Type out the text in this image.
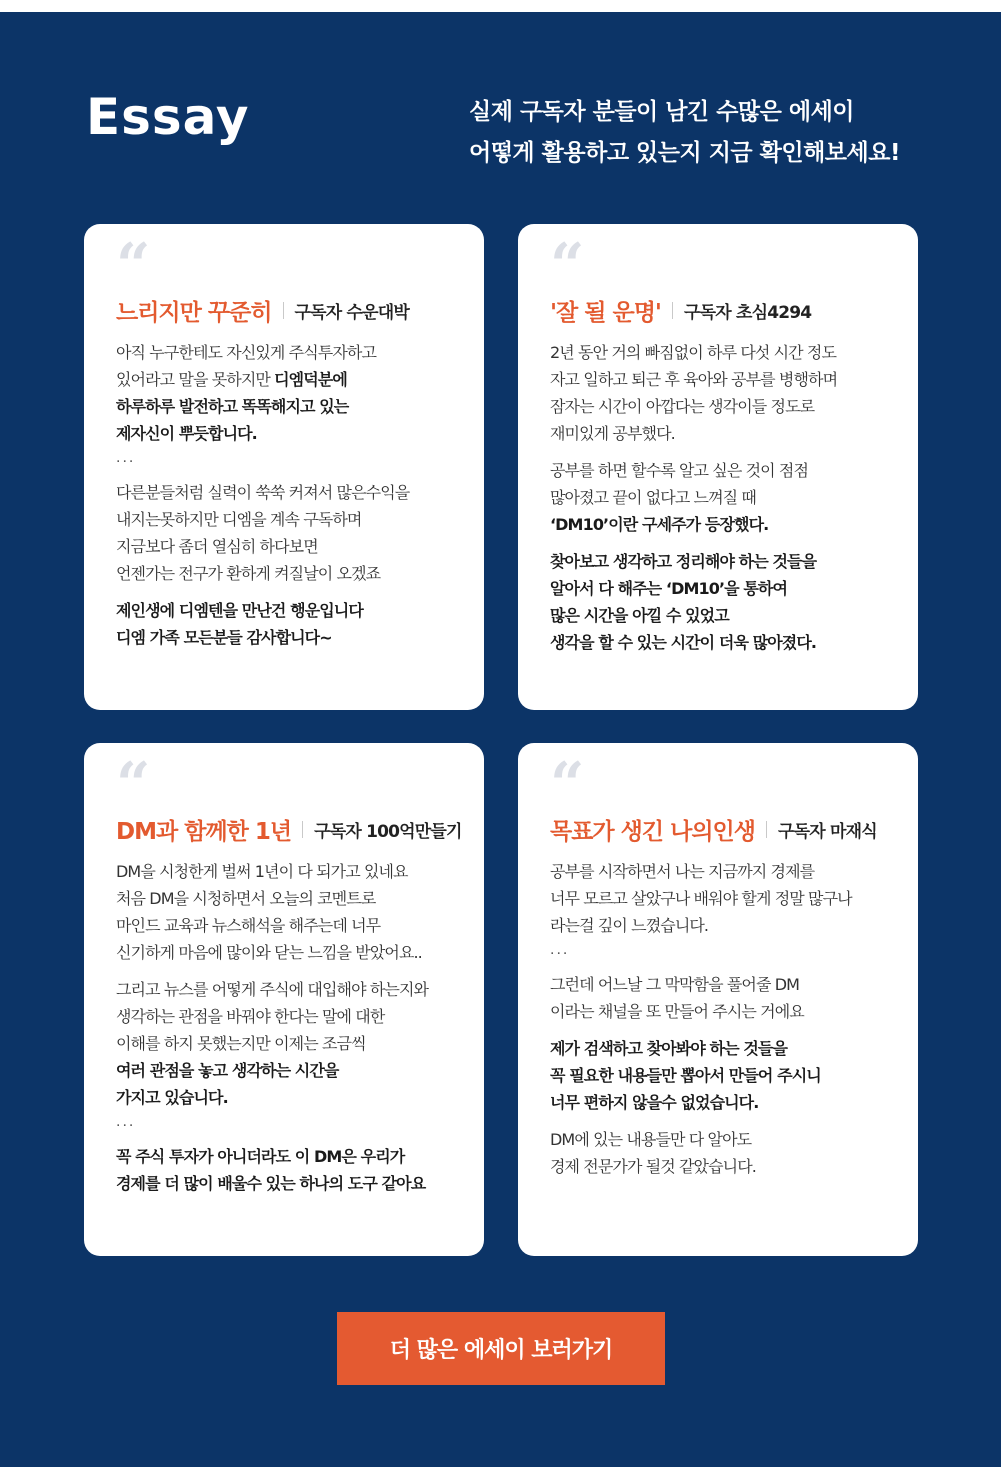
Essay	실제 구독자 분들이 남긴 수많은 에세이
어떻게 활용하고 있는지 지금 확인해보세요!
“
느리지만 꾸준히 구독자 수운대박
아직 누구한테도 자신있게 주식투자하고
있어라고 말을 못하지만 디엠덕분에
하루하루 발전하고 똑똑해지고 있는
제자신이 뿌듯합니다.
...
다른분들처럼 실력이 쑥쑥 커져서 많은수익을
내지는못하지만 디엠을 계속 구독하며
지금보다 좀더 열심히 하다보면
언젠가는 전구가 환하게 켜질날이 오겠죠
제인생에 디엠텐을 만난건 행운입니다
디엠 가족 모든분들 감사합니다~
“
'잘 될 운명' 구독자 초심4294
2년 동안 거의 빠짐없이 하루 다섯 시간 정도
자고 일하고 퇴근 후 육아와 공부를 병행하며
잠자는 시간이 아깝다는 생각이들 정도로
재미있게 공부했다.
공부를 하면 할수록 알고 싶은 것이 점점
많아졌고 끝이 없다고 느껴질 때
‘DM10’이란 구세주가 등장했다.
찾아보고 생각하고 정리해야 하는 것들을
알아서 다 해주는 ‘DM10’을 통하여
많은 시간을 아낄 수 있었고
생각을 할 수 있는 시간이 더욱 많아졌다.
“
DM과 함께한 1년 구독자 100억만들기
DM을 시청한게 벌써 1년이 다 되가고 있네요
처음 DM을 시청하면서 오늘의 코멘트로
마인드 교육과 뉴스해석을 해주는데 너무
신기하게 마음에 많이와 닫는 느낌을 받았어요..
그리고 뉴스를 어떻게 주식에 대입해야 하는지와
생각하는 관점을 바꿔야 한다는 말에 대한
이해를 하지 못했는지만 이제는 조금씩
여러 관점을 놓고 생각하는 시간을
가지고 있습니다.
...
꼭 주식 투자가 아니더라도 이 DM은 우리가
경제를 더 많이 배울수 있는 하나의 도구 같아요
“
목표가 생긴 나의인생 구독자 마재식
공부를 시작하면서 나는 지금까지 경제를
너무 모르고 살았구나 배워야 할게 정말 많구나
라는걸 깊이 느꼈습니다.
...
그런데 어느날 그 막막함을 풀어줄 DM
이라는 채널을 또 만들어 주시는 거에요
제가 검색하고 찾아봐야 하는 것들을
꼭 필요한 내용들만 뽑아서 만들어 주시니
너무 편하지 않을수 없었습니다.
DM에 있는 내용들만 다 알아도
경제 전문가가 될것 같았습니다.
더 많은 에세이 보러가기
